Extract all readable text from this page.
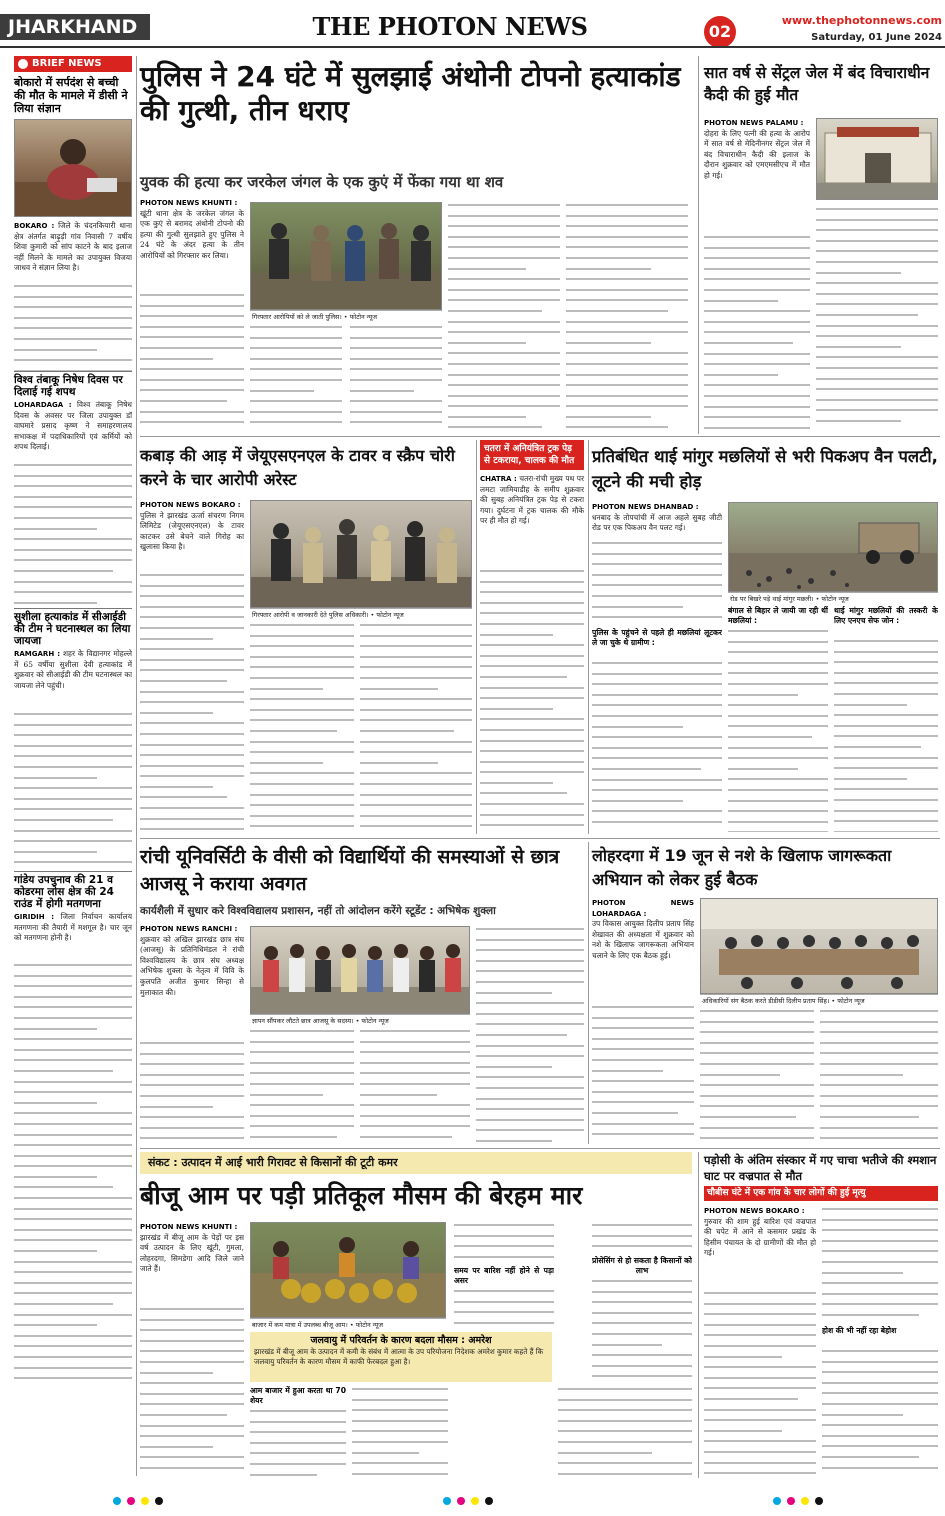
JHARKHAND	THE PHOTON NEWS	02
www.thephotonnews.com
Saturday, 01 June 2024
BRIEF NEWS
बोकारो में सर्पदंश से बच्ची की मौत के मामले में डीसी ने लिया संज्ञान
BOKARO : जिले के चंदनकियारी थाना क्षेत्र अंतर्गत बाढ़ुड़ी गांव निवासी 7 वर्षीय शिवा कुमारी को सांप काटने के बाद इलाज नहीं मिलने के मामले का उपायुक्त विजया जाधव ने संज्ञान लिया है।
विश्व तंबाकू निषेध दिवस पर दिलाई गई शपथ
LOHARDAGA : विश्व तंबाकू निषेध दिवस के अवसर पर जिला उपायुक्त डॉ वाघमारे प्रसाद कृष्ण ने समाहरणालय सभाकक्ष में पदाधिकारियों एवं कर्मियों को शपथ दिलाई।
सुशीला हत्याकांड में सीआईडी की टीम ने घटनास्थल का लिया जायजा
RAMGARH : शहर के विद्यानगर मोहल्ले में 65 वर्षीया सुशीला देवी हत्याकांड में शुक्रवार को सीआईडी की टीम घटनास्थल का जायजा लेने पहुंची।
गांडेय उपचुनाव की 21 व कोडरमा लोस क्षेत्र की 24 राउंड में होगी मतगणना
GIRIDIH : जिला निर्वाचन कार्यालय मतगणना की तैयारी में मशगूल है। चार जून को मतगणना होनी है।
पुलिस ने 24 घंटे में सुलझाई अंथोनी टोपनो हत्याकांड की गुत्थी, तीन धराए
युवक की हत्या कर जरकेल जंगल के एक कुएं में फेंका गया था शव
PHOTON NEWS KHUNTI :
खूंटी थाना क्षेत्र के जरकेल जंगल के एक कुएं से बरामद अंथोनी टोपनो की हत्या की गुत्थी सुलझाते हुए पुलिस ने 24 घंटे के अंदर हत्या के तीन आरोपियों को गिरफ्तार कर लिया।
गिरफ्तार आरोपियों को ले जाती पुलिस। • फोटोन न्यूज
सात वर्ष से सेंट्रल जेल में बंद विचाराधीन कैदी की हुई मौत
PHOTON NEWS PALAMU :
दोहरा के लिए पत्नी की हत्या के आरोप में सात वर्ष से मेदिनीनगर सेंट्रल जेल में बंद विचाराधीन कैदी की इलाज के दौरान शुक्रवार को एमएमसीएच में मौत हो गई।
कबाड़ की आड़ में जेयूएसएनएल के टावर व स्क्रैप चोरी करने के चार आरोपी अरेस्ट
PHOTON NEWS BOKARO :
पुलिस ने झारखंड ऊर्जा संचरण निगम लिमिटेड (जेयूएसएनएल) के टावर काटकर उसे बेचने वाले गिरोह का खुलासा किया है।
गिरफ्तार आरोपी व जानकारी देते पुलिस अधिकारी। • फोटोन न्यूज
चतरा में अनियंत्रित ट्रक पेड़ से टकराया, चालक की मौत
CHATRA : चतरा-रांची मुख्य पथ पर लमटा जामियाडीह के समीप शुक्रवार की सुबह अनियंत्रित ट्रक पेड़ से टकरा गया। दुर्घटना में ट्रक चालक की मौके पर ही मौत हो गई।
प्रतिबंधित थाई मांगुर मछलियों से भरी पिकअप वैन पलटी, लूटने की मची होड़
PHOTON NEWS DHANBAD :
धनबाद के तोपचांची में आज अहले सुबह जीटी रोड पर एक पिकअप वैन पलट गई।
पुलिस के पहुंचने से पहले ही मछलियां लूटकर ले जा चुके थे ग्रामीण :
रोड पर बिखरे पड़े थाई मांगुर मछली। • फोटोन न्यूज
बंगाल से बिहार ले जायी जा रही थीं मछलियां :
थाई मांगुर मछलियों की तस्करी के लिए एनएच सेफ जोन :
रांची यूनिवर्सिटी के वीसी को विद्यार्थियों की समस्याओं से छात्र आजसू ने कराया अवगत
कार्यशैली में सुधार करे विश्वविद्यालय प्रशासन, नहीं तो आंदोलन करेंगे स्टूडेंट : अभिषेक शुक्ला
PHOTON NEWS RANCHI :
शुक्रवार को अखिल झारखंड छात्र संघ (आजसू) के प्रतिनिधिमंडल ने रांची विश्वविद्यालय के छात्र संघ अध्यक्ष अभिषेक शुक्ला के नेतृत्व में विवि के कुलपति अजीत कुमार सिन्हा से मुलाकात की।
ज्ञापन सौंपकर लौटते छात्र आजसू के सदस्य। • फोटोन न्यूज
लोहरदगा में 19 जून से नशे के खिलाफ जागरूकता अभियान को लेकर हुई बैठक
PHOTON NEWS LOHARDAGA :
उप विकास आयुक्त दिलीप प्रताप सिंह शेखावत की अध्यक्षता में शुक्रवार को नशे के खिलाफ जागरूकता अभियान चलाने के लिए एक बैठक हुई।
अधिकारियों संग बैठक करते डीडीसी दिलीप प्रताप सिंह। • फोटोन न्यूज
संकट : उत्पादन में आई भारी गिरावट से किसानों की टूटी कमर
बीजू आम पर पड़ी प्रतिकूल मौसम की बेरहम मार
PHOTON NEWS KHUNTI :
झारखंड में बीजू आम के पेड़ों पर इस वर्ष उत्पादन के लिए खूंटी, गुमला, लोहरदगा, सिमडेगा आदि जिले जाने जाते हैं।
बाजार में कम मात्रा में उपलब्ध बीजू आम। • फोटोन न्यूज
जलवायु में परिवर्तन के कारण बदला मौसम : अमरेश
झारखंड में बीजू आम के उत्पादन में कमी के संबंध में आत्मा के उप परियोजना निदेशक अमरेश कुमार कहते हैं कि जलवायु परिवर्तन के कारण मौसम में काफी फेरबदल हुआ है।
आम बाजार में हुआ करता था 70 शेयर
समय पर बारिश नहीं होने से पड़ा असर
प्रोसेसिंग से हो सकता है किसानों को लाभ
पड़ोसी के अंतिम संस्कार में गए चाचा भतीजे की श्मशान घाट पर वज्रपात से मौत
चौबीस घंटे में एक गांव के चार लोगों की हुई मृत्यु
PHOTON NEWS BOKARO :
गुरुवार की शाम हुई बारिश एवं वज्रपात की चपेट में आने से कसमार प्रखंड के हिसीम पंचायत के दो ग्रामीणों की मौत हो गई।
होश की भी नहीं रहा बेहोश
